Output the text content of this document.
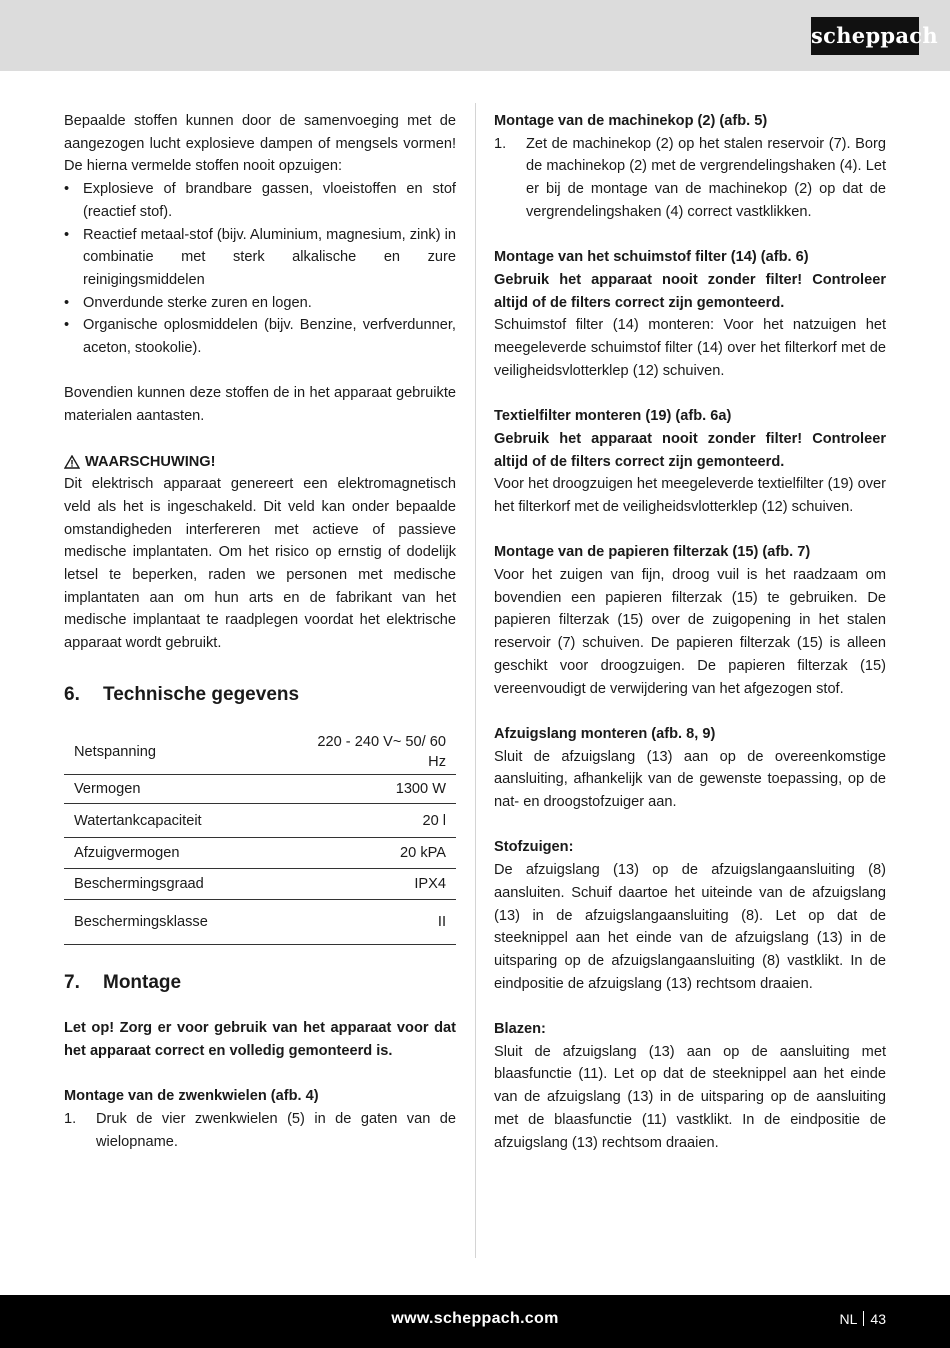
scheppach

Bepaalde stoffen kunnen door de samenvoeging met de aangezogen lucht explosieve dampen of mengsels vormen! De hierna vermelde stoffen nooit opzuigen:

• Explosieve of brandbare gassen, vloeistoffen en stof (reactief stof).
• Reactief metaal-stof (bijv. Aluminium, magnesium, zink) in combinatie met sterk alkalische en zure reinigingsmiddelen
• Onverdunde sterke zuren en logen.
• Organische oplosmiddelen (bijv. Benzine, verfverdunner, aceton, stookolie).

Bovendien kunnen deze stoffen de in het apparaat gebruikte materialen aantasten.

WAARSCHUWING!

Dit elektrisch apparaat genereert een elektromagnetisch veld als het is ingeschakeld. Dit veld kan onder bepaalde omstandigheden interfereren met actieve of passieve medische implantaten. Om het risico op ernstig of dodelijk letsel te beperken, raden we personen met medische implantaten aan om hun arts en de fabrikant van het medische implantaat te raadplegen voordat het elektrische apparaat wordt gebruikt.

6. Technische gegevens
Netspanning	220 - 240 V~ 50/ 60 Hz
Vermogen	1300 W
Watertankcapaciteit	20 l
Afzuigvermogen	20 kPA
Beschermingsgraad	IPX4
Beschermingsklasse	II
7. Montage

Let op! Zorg er voor gebruik van het apparaat voor dat het apparaat correct en volledig gemonteerd is.

Montage van de zwenkwielen (afb. 4)

1. Druk de vier zwenkwielen (5) in de gaten van de wielopname.

Montage van de machinekop (2) (afb. 5)

1. Zet de machinekop (2) op het stalen reservoir (7). Borg de machinekop (2) met de vergrendelingshaken (4). Let er bij de montage van de machinekop (2) op dat de vergrendelingshaken (4) correct vastklikken.

Montage van het schuimstof filter (14) (afb. 6)

Gebruik het apparaat nooit zonder filter! Controleer altijd of de filters correct zijn gemonteerd.

Schuimstof filter (14) monteren: Voor het natzuigen het meegeleverde schuimstof filter (14) over het filterkorf met de veiligheidsvlotterklep (12) schuiven.

Textielfilter monteren (19) (afb. 6a)

Gebruik het apparaat nooit zonder filter! Controleer altijd of de filters correct zijn gemonteerd.

Voor het droogzuigen het meegeleverde textielfilter (19) over het filterkorf met de veiligheidsvlotterklep (12) schuiven.

Montage van de papieren filterzak (15) (afb. 7)

Voor het zuigen van fijn, droog vuil is het raadzaam om bovendien een papieren filterzak (15) te gebruiken. De papieren filterzak (15) over de zuigopening in het stalen reservoir (7) schuiven. De papieren filterzak (15) is alleen geschikt voor droogzuigen. De papieren filterzak (15) vereenvoudigt de verwijdering van het afgezogen stof.

Afzuigslang monteren (afb. 8, 9)

Sluit de afzuigslang (13) aan op de overeenkomstige aansluiting, afhankelijk van de gewenste toepassing, op de nat- en droogstofzuiger aan.

Stofzuigen:

De afzuigslang (13) op de afzuigslangaansluiting (8) aansluiten. Schuif daartoe het uiteinde van de afzuigslang (13) in de afzuigslangaansluiting (8). Let op dat de steeknippel aan het einde van de afzuigslang (13) in de uitsparing op de afzuigslangaansluiting (8) vastklikt. In de eindpositie de afzuigslang (13) rechtsom draaien.

Blazen:

Sluit de afzuigslang (13) aan op de aansluiting met blaasfunctie (11). Let op dat de steeknippel aan het einde van de afzuigslang (13) in de uitsparing op de aansluiting met de blaasfunctie (11) vastklikt. In de eindpositie de afzuigslang (13) rechtsom draaien.

www.scheppach.com	NL 43
